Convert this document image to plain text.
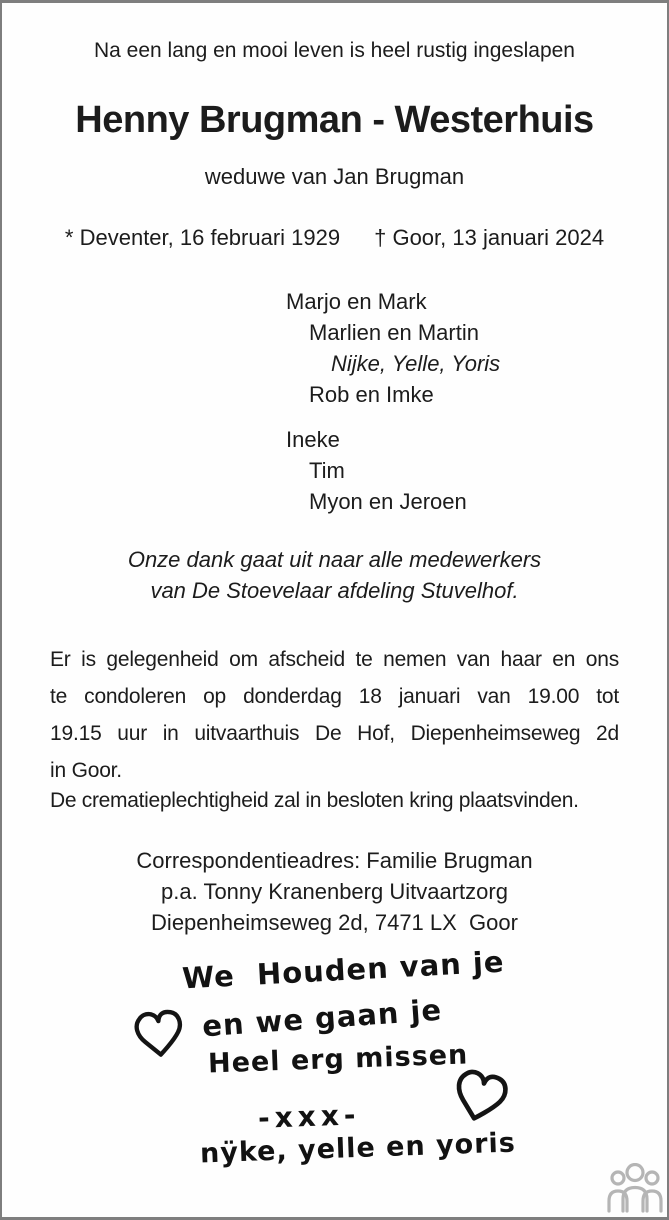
Na een lang en mooi leven is heel rustig ingeslapen
Henny Brugman - Westerhuis
weduwe van Jan Brugman
* Deventer, 16 februari 1929 † Goor, 13 januari 2024
Marjo en Mark
Marlien en Martin
Nijke, Yelle, Yoris
Rob en Imke
Ineke
Tim
Myon en Jeroen
Onze dank gaat uit naar alle medewerkers
van De Stoevelaar afdeling Stuvelhof.
Er is gelegenheid om afscheid te nemen van haar en ons
te condoleren op donderdag 18 januari van 19.00 tot
19.15 uur in uitvaarthuis De Hof, Diepenheimseweg 2d
in Goor.
De crematieplechtigheid zal in besloten kring plaatsvinden.
Correspondentieadres: Familie Brugman
p.a. Tonny Kranenberg Uitvaartzorg
Diepenheimseweg 2d, 7471 LX  Goor
We  Houden van je
en we gaan je
Heel erg missen
-xxx-
nÿke, yelle en yoris
